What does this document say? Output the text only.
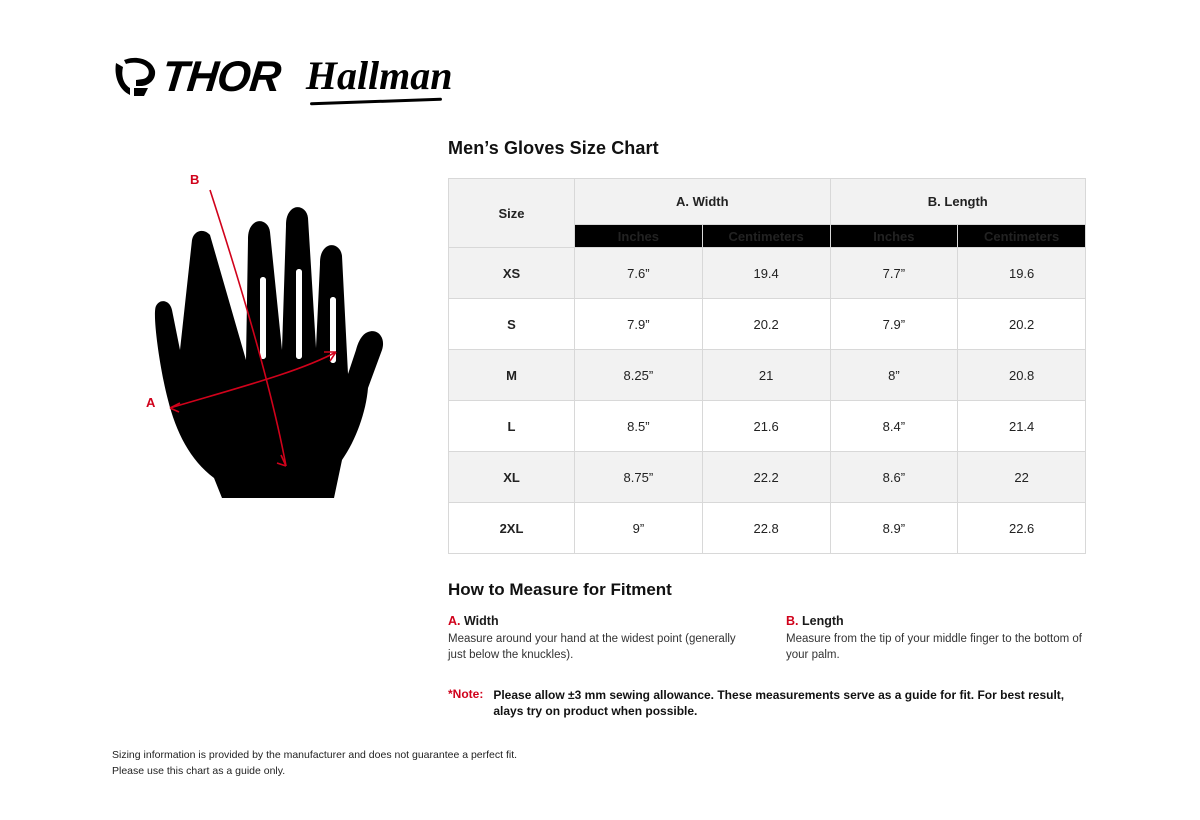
THOR Hallman
A
B
Men’s Gloves Size Chart
Size	A. Width		B. Length	
	Inches	Centimeters	Inches	Centimeters
XS	7.6”	19.4	7.7”	19.6
S	7.9”	20.2	7.9”	20.2
M	8.25”	21	8”	20.8
L	8.5”	21.6	8.4”	21.4
XL	8.75”	22.2	8.6”	22
2XL	9”	22.8	8.9”	22.6
How to Measure for Fitment
A. Width
Measure around your hand at the widest point (generally just below the knuckles).
B. Length
Measure from the tip of your middle finger to the bottom of your palm.
*Note: Please allow ±3 mm sewing allowance. These measurements serve as a guide for fit. For best result, alays try on product when possible.
Sizing information is provided by the manufacturer and does not guarantee a perfect fit.
Please use this chart as a guide only.
